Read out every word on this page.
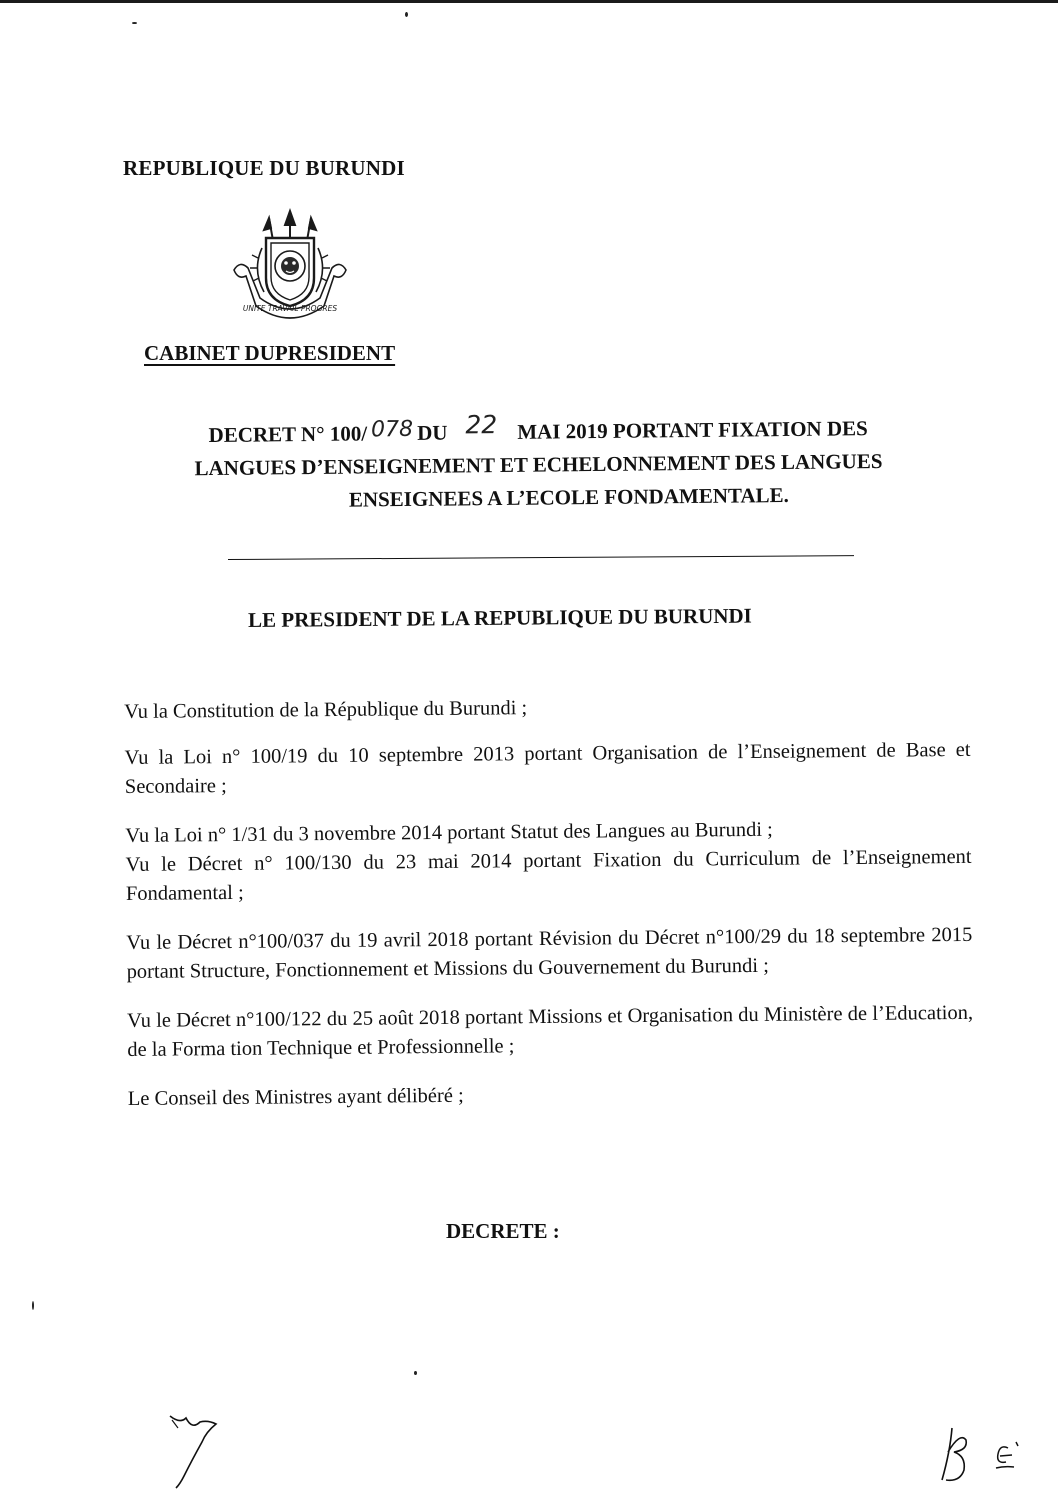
REPUBLIQUE DU BURUNDI
UNITE TRAVAIL PROGRES
CABINET DUPRESIDENT
DECRET N° 100/ 078 DU 22 MAI 2019 PORTANT FIXATION DES
LANGUES D’ENSEIGNEMENT ET ECHELONNEMENT DES LANGUES
ENSEIGNEES A L’ECOLE FONDAMENTALE.
LE PRESIDENT DE LA REPUBLIQUE DU BURUNDI

Vu la Constitution de la République du Burundi ;

Vu la Loi n° 100/19 du 10 septembre 2013 portant Organisation de l’Enseignement de Base et Secondaire ;

Vu la Loi n° 1/31 du 3 novembre 2014 portant Statut des Langues au Burundi ;

Vu le Décret n° 100/130 du 23 mai 2014 portant Fixation du Curriculum de l’Enseignement Fondamental ;

Vu le Décret n°100/037 du 19 avril 2018 portant Révision du Décret n°100/29 du 18 septembre 2015 portant Structure, Fonctionnement et Missions du Gouvernement du Burundi ;

Vu le Décret n°100/122 du 25 août 2018 portant Missions et Organisation du Ministère de l’Education, de la Forma tion Technique et Professionnelle ;

Le Conseil des Ministres ayant délibéré ;

DECRETE :
